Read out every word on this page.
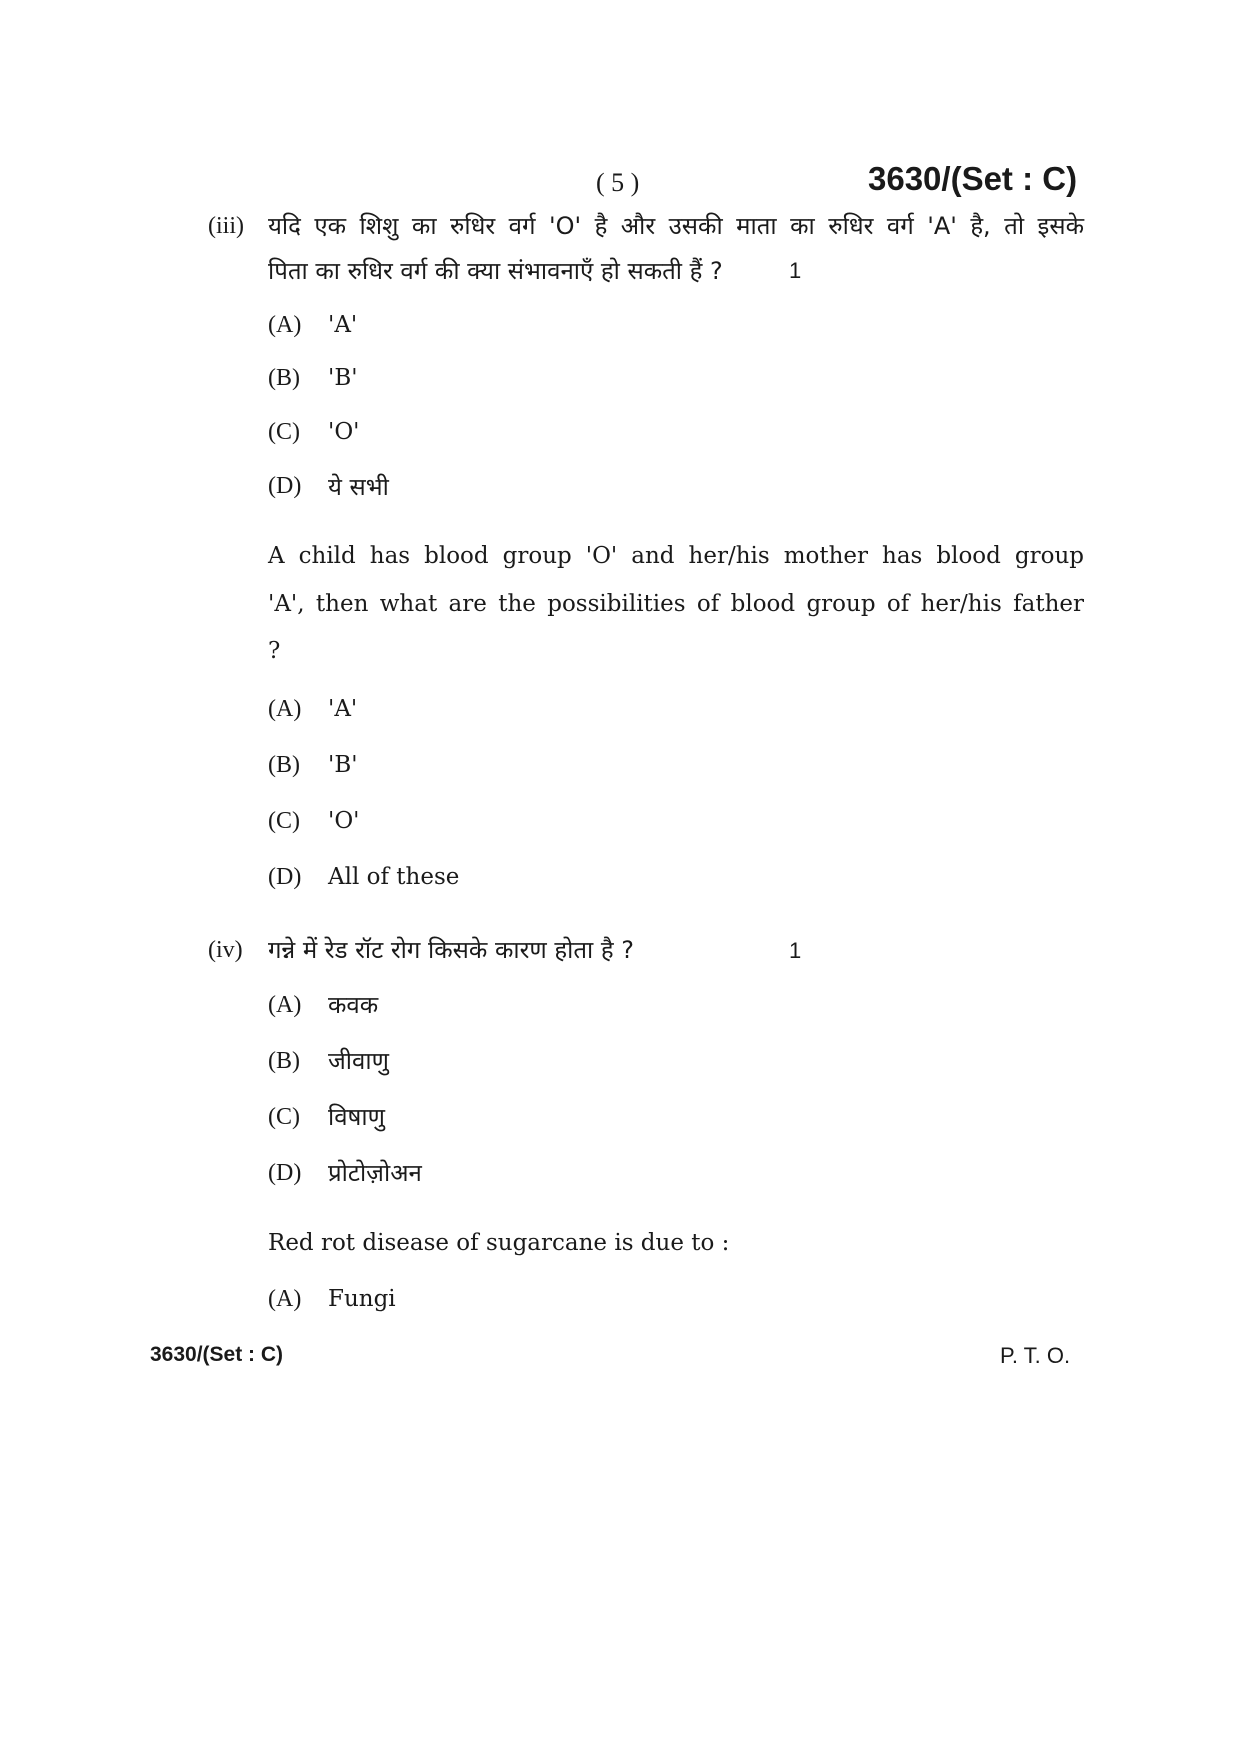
( 5 )	3630/(Set : C)
(iii) यदि एक शिशु का रुधिर वर्ग 'O' है और उसकी माता का रुधिर वर्ग 'A' है, तो इसके
पिता का रुधिर वर्ग की क्या संभावनाएँ हो सकती हैं ?	1
(A) 'A'
(B) 'B'
(C) 'O'
(D) ये सभी
A child has blood group 'O' and her/his mother has blood group
'A', then what are the possibilities of blood group of her/his father
?
(A) 'A'
(B) 'B'
(C) 'O'
(D) All of these
(iv) गन्ने में रेड रॉट रोग किसके कारण होता है ?	1
(A) कवक
(B) जीवाणु
(C) विषाणु
(D) प्रोटोज़ोअन
Red rot disease of sugarcane is due to :
(A) Fungi
3630/(Set : C)	P. T. O.
